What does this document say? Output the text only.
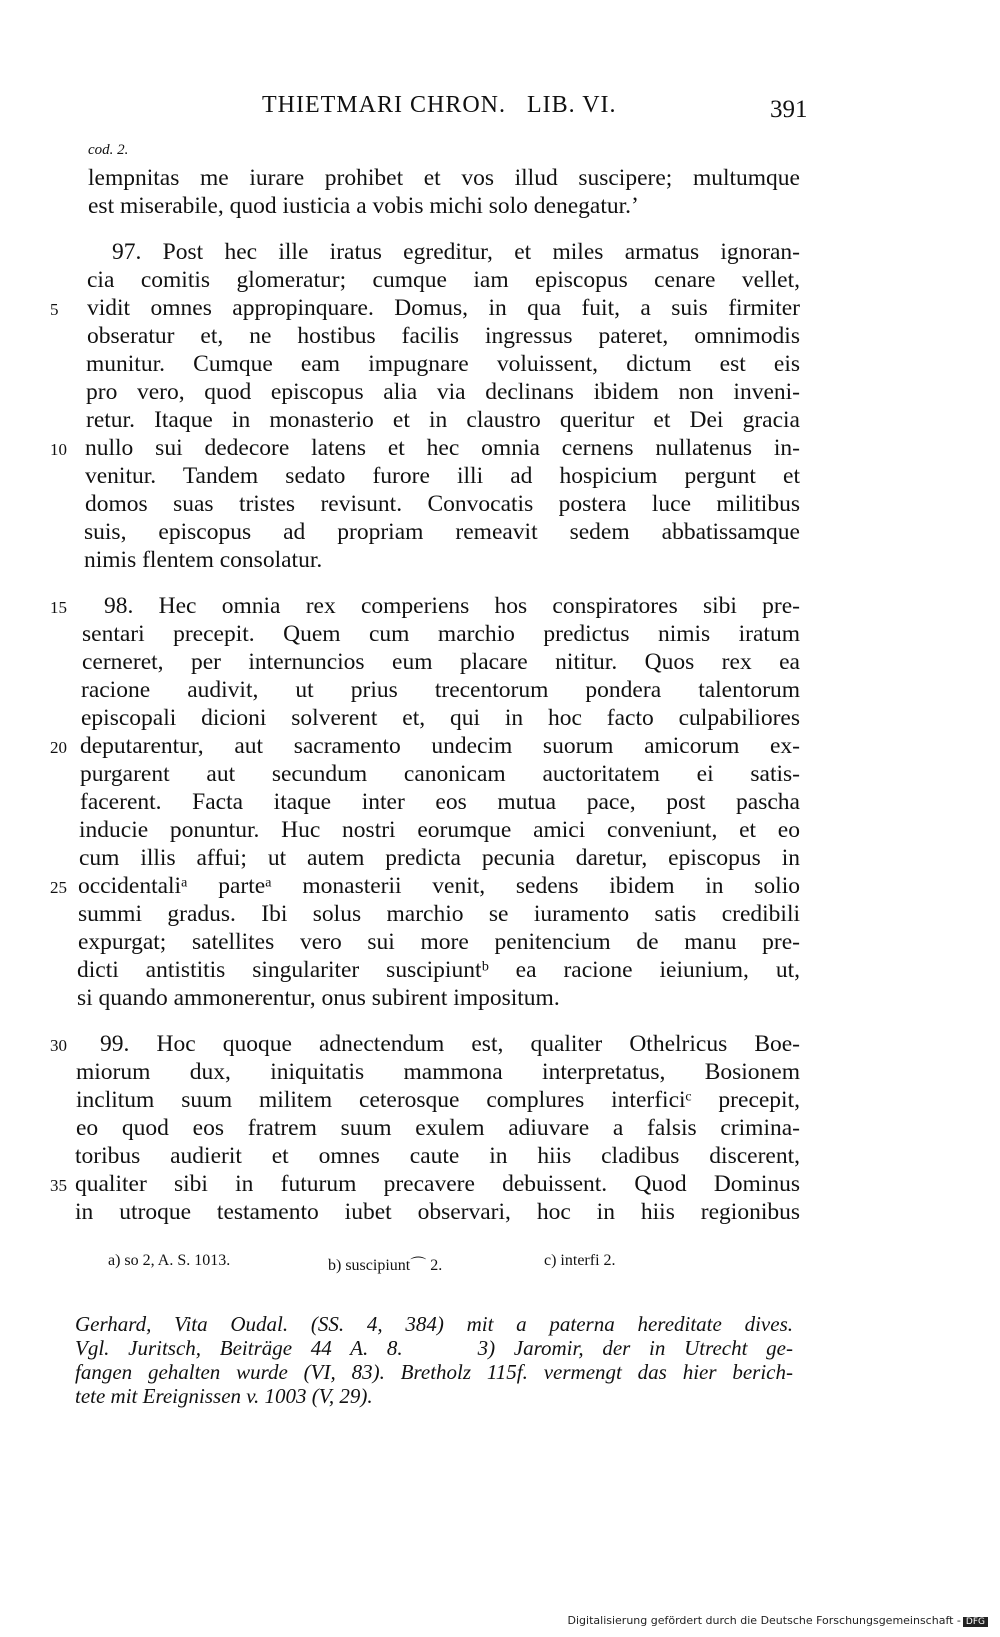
THIETMARI CHRON.   LIB. VI.	391
cod. 2.
lempnitas me iurare prohibet et vos illud suscipere; multumque
est miserabile, quod iusticia a vobis michi solo denegatur.’
97. Post hec ille iratus egreditur, et miles armatus ignoran-
cia comitis glomeratur; cumque iam episcopus cenare vellet,
5	vidit omnes appropinquare. Domus, in qua fuit, a suis firmiter
obseratur et, ne hostibus facilis ingressus pateret, omnimodis
munitur. Cumque eam impugnare voluissent, dictum est eis
pro vero, quod episcopus alia via declinans ibidem non inveni-
retur. Itaque in monasterio et in claustro queritur et Dei gracia
10 nullo sui dedecore latens et hec omnia cernens nullatenus in-
venitur. Tandem sedato furore illi ad hospicium pergunt et
domos suas tristes revisunt. Convocatis postera luce militibus
suis, episcopus ad propriam remeavit sedem abbatissamque
nimis flentem consolatur.
15 98. Hec omnia rex comperiens hos conspiratores sibi pre-
sentari precepit. Quem cum marchio predictus nimis iratum
cerneret, per internuncios eum placare nititur. Quos rex ea
racione audivit, ut prius trecentorum pondera talentorum
episcopali dicioni solverent et, qui in hoc facto culpabiliores
20 deputarentur, aut sacramento undecim suorum amicorum ex-
purgarent aut secundum canonicam auctoritatem ei satis-
facerent. Facta itaque inter eos mutua pace, post pascha
inducie ponuntur. Huc nostri eorumque amici conveniunt, et eo
cum illis affui; ut autem predicta pecunia daretur, episcopus in
25 occidentaliᵃ parteᵃ monasterii venit, sedens ibidem in solio
summi gradus. Ibi solus marchio se iuramento satis credibili
expurgat; satellites vero sui more penitencium de manu pre-
dicti antistitis singulariter suscipiuntᵇ ea racione ieiunium, ut,
si quando ammonerentur, onus subirent impositum.
30 99. Hoc quoque adnectendum est, qualiter Othelricus Boe-
miorum dux, iniquitatis mammona interpretatus, Bosionem
inclitum suum militem ceterosque complures interficiᶜ precepit,
eo quod eos fratrem suum exulem adiuvare a falsis crimina-
toribus audierit et omnes caute in hiis cladibus discerent,
35 qualiter sibi in futurum precavere debuissent. Quod Dominus
in utroque testamento iubet observari, hoc in hiis regionibus
a) so 2, A. S. 1013.	b) suscipiunt⌒ 2.	c) interfi 2.
Gerhard, Vita Oudal. (SS. 4, 384) mit a paterna hereditate dives.
Vgl. Juritsch, Beiträge 44 A. 8.    3) Jaromir, der in Utrecht ge-
fangen gehalten wurde (VI, 83). Bretholz 115f. vermengt das hier berich-
tete mit Ereignissen v. 1003 (V, 29).
Digitalisierung gefördert durch die Deutsche Forschungsgemeinschaft - DFG
